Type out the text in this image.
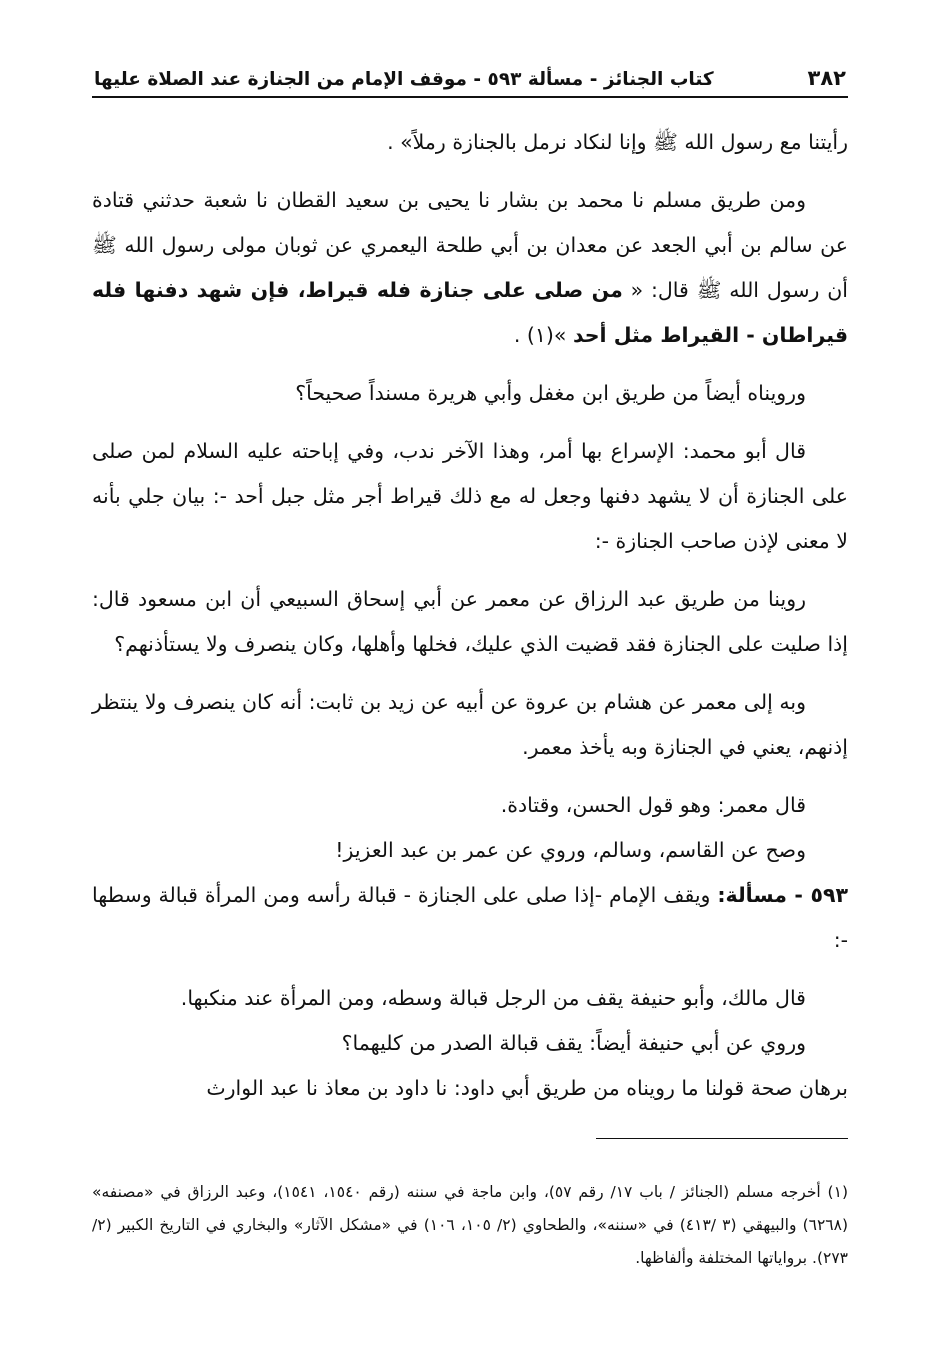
٣٨٢
كتاب الجنائز - مسألة ٥٩٣ - موقف الإمام من الجنازة عند الصلاة عليها

رأيتنا مع رسول الله ﷺ وإنا لنكاد نرمل بالجنازة رملاً» .

ومن طريق مسلم نا محمد بن بشار نا يحيى بن سعيد القطان نا شعبة حدثني قتادة عن سالم بن أبي الجعد عن معدان بن أبي طلحة اليعمري عن ثوبان مولى رسول الله ﷺ أن رسول الله ﷺ قال: « من صلى على جنازة فله قيراط، فإن شهد دفنها فله قيراطان - القيراط مثل أحد »(١) .

ورويناه أيضاً من طريق ابن مغفل وأبي هريرة مسنداً صحيحاً؟

قال أبو محمد: الإسراع بها أمر، وهذا الآخر ندب، وفي إباحته عليه السلام لمن صلى على الجنازة أن لا يشهد دفنها وجعل له مع ذلك قيراط أجر مثل جبل أحد -: بيان جلي بأنه لا معنى لإذن صاحب الجنازة -:

روينا من طريق عبد الرزاق عن معمر عن أبي إسحاق السبيعي أن ابن مسعود قال: إذا صليت على الجنازة فقد قضيت الذي عليك، فخلها وأهلها، وكان ينصرف ولا يستأذنهم؟

وبه إلى معمر عن هشام بن عروة عن أبيه عن زيد بن ثابت: أنه كان ينصرف ولا ينتظر إذنهم، يعني في الجنازة وبه يأخذ معمر.

قال معمر: وهو قول الحسن، وقتادة.

وصح عن القاسم، وسالم، وروي عن عمر بن عبد العزيز!

٥٩٣ - مسألة: ويقف الإمام -إذا صلى على الجنازة - قبالة رأسه ومن المرأة قبالة وسطها -:

قال مالك، وأبو حنيفة يقف من الرجل قبالة وسطه، ومن المرأة عند منكبها.

وروي عن أبي حنيفة أيضاً: يقف قبالة الصدر من كليهما؟

برهان صحة قولنا ما رويناه من طريق أبي داود: نا داود بن معاذ نا عبد الوارث

(١) أخرجه مسلم (الجنائز / باب ١٧/ رقم ٥٧)، وابن ماجة في سننه (رقم ١٥٤٠، ١٥٤١)، وعبد الرزاق في «مصنفه» (٦٢٦٨) والبيهقي (٣ /٤١٣) في «سننه»، والطحاوي (٢/ ١٠٥، ١٠٦) في «مشكل الآثار» والبخاري في التاريخ الكبير (٢/ ٢٧٣). برواياتها المختلفة وألفاظها.
